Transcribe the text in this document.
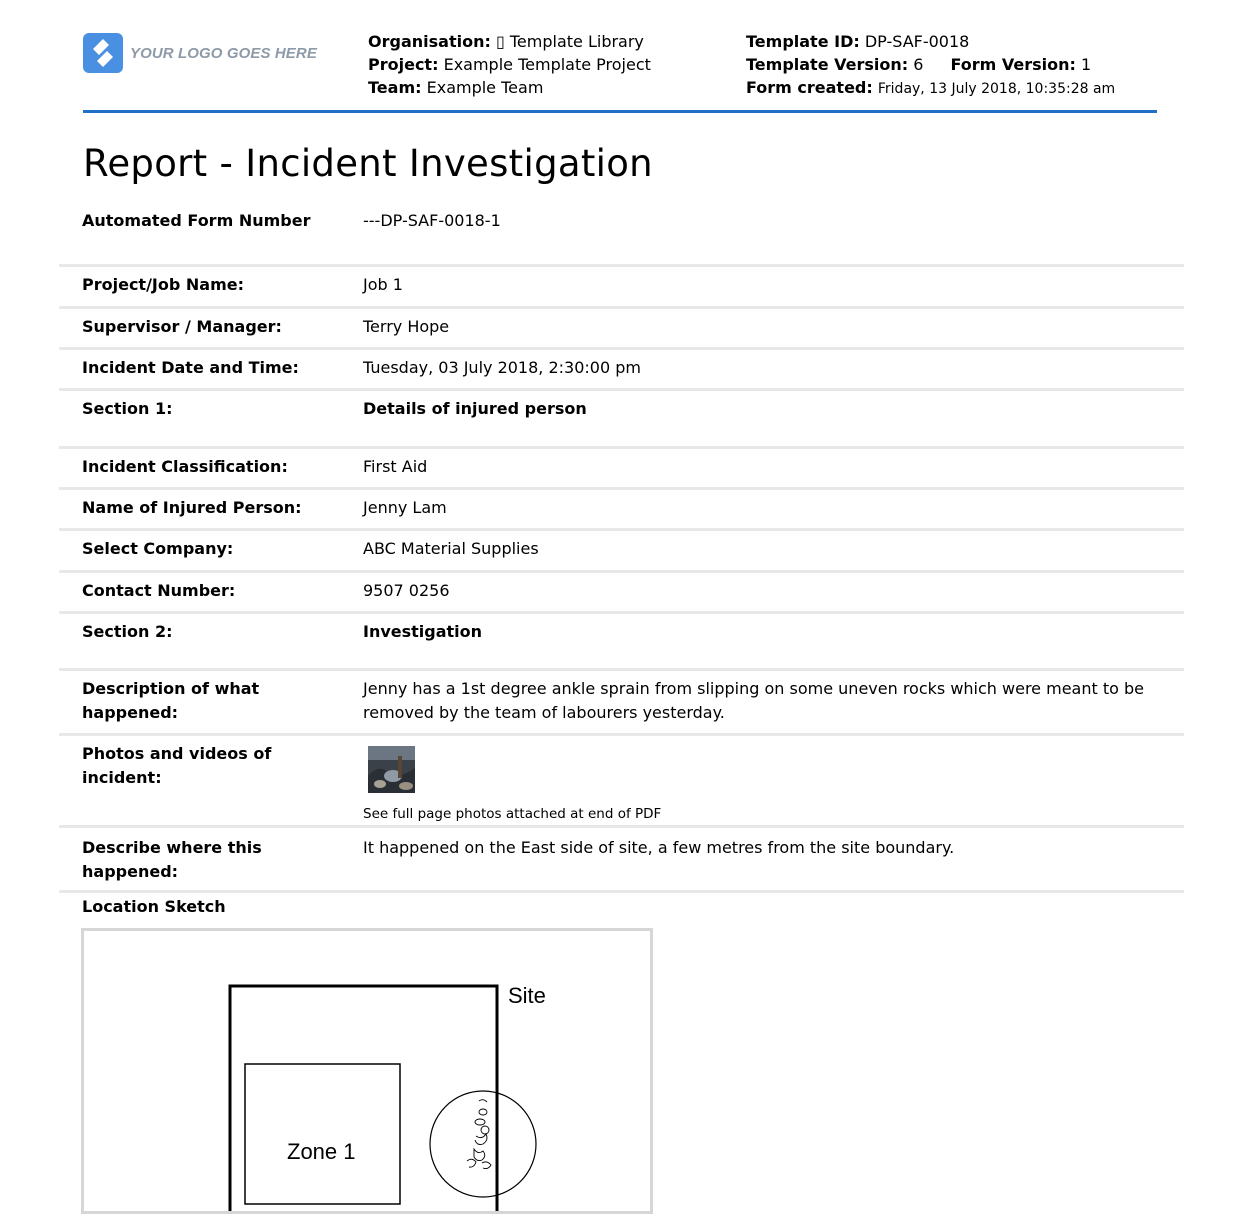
YOUR LOGO GOES HERE
Organisation: ▯ Template Library
Project: Example Template Project
Team: Example Team
Template ID: DP-SAF-0018
Template Version: 6 Form Version: 1
Form created: Friday, 13 July 2018, 10:35:28 am
Report - Incident Investigation
Automated Form Number	---DP-SAF-0018-1
Project/Job Name:	Job 1
Supervisor / Manager:	Terry Hope
Incident Date and Time:	Tuesday, 03 July 2018, 2:30:00 pm
Section 1:	Details of injured person
Incident Classification:	First Aid
Name of Injured Person:	Jenny Lam
Select Company:	ABC Material Supplies
Contact Number:	9507 0256
Section 2:	Investigation
Description of what happened:
Jenny has a 1st degree ankle sprain from slipping on some uneven rocks which were meant to be removed by the team of labourers yesterday.
Photos and videos of incident:
See full page photos attached at end of PDF
Describe where this happened:
It happened on the East side of site, a few metres from the site boundary.
Location Sketch
Site
Zone 1
